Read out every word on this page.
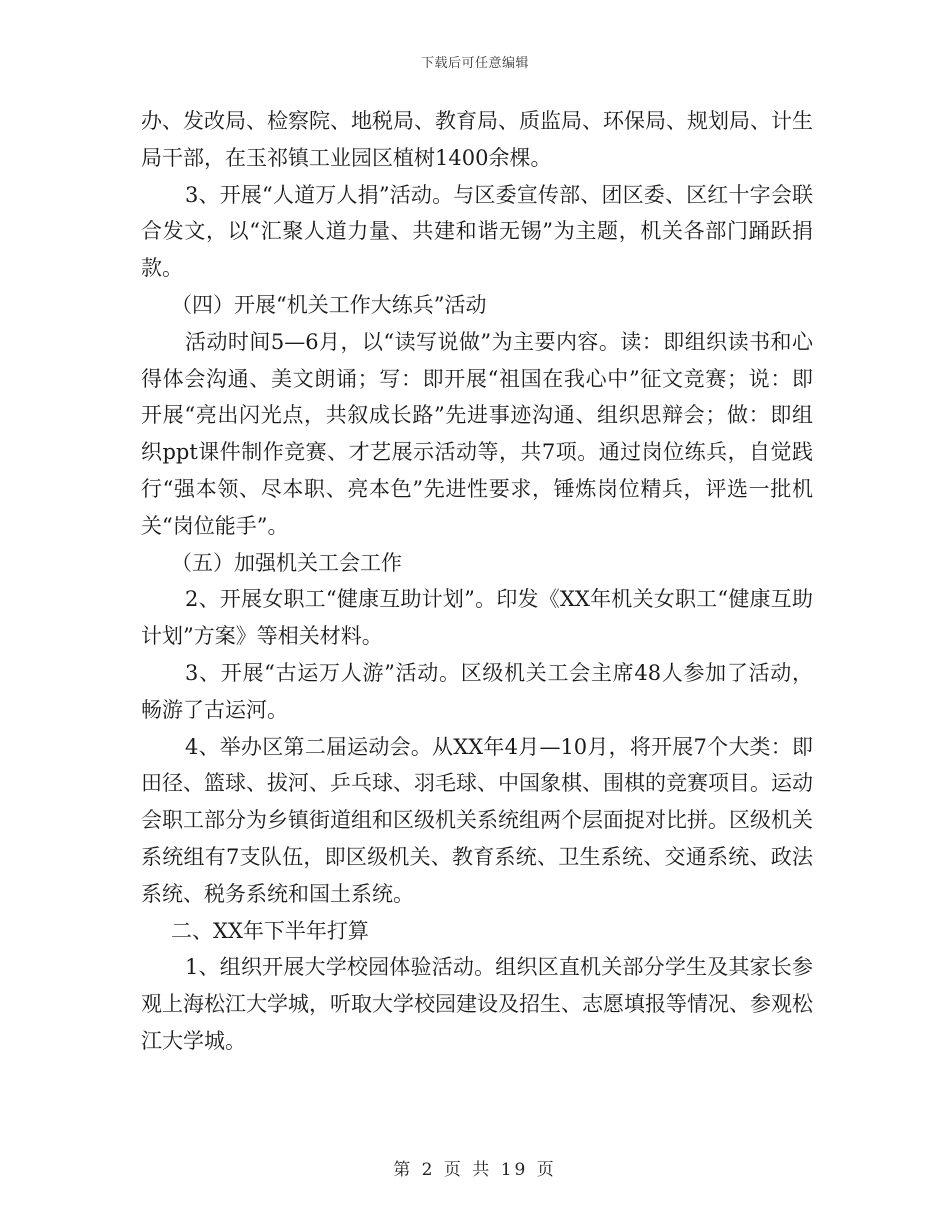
下载后可任意编辑

办、发改局、检察院、地税局、教育局、质监局、环保局、规划局、计生局干部，在玉祁镇工业园区植树1400余棵。

3、开展“人道万人捐”活动。与区委宣传部、团区委、区红十字会联合发文，以“汇聚人道力量、共建和谐无锡”为主题，机关各部门踊跃捐款。

（四）开展“机关工作大练兵”活动

活动时间5—6月，以“读写说做”为主要内容。读：即组织读书和心得体会沟通、美文朗诵；写：即开展“祖国在我心中”征文竞赛；说：即开展“亮出闪光点，共叙成长路”先进事迹沟通、组织思辩会；做：即组织ppt课件制作竞赛、才艺展示活动等，共7项。通过岗位练兵，自觉践行“强本领、尽本职、亮本色”先进性要求，锤炼岗位精兵，评选一批机关“岗位能手”。

（五）加强机关工会工作

2、开展女职工“健康互助计划”。印发《XX年机关女职工“健康互助计划”方案》等相关材料。

3、开展“古运万人游”活动。区级机关工会主席48人参加了活动，畅游了古运河。

4、举办区第二届运动会。从XX年4月—10月，将开展7个大类：即田径、篮球、拔河、乒乓球、羽毛球、中国象棋、围棋的竞赛项目。运动会职工部分为乡镇街道组和区级机关系统组两个层面捉对比拼。区级机关系统组有7支队伍，即区级机关、教育系统、卫生系统、交通系统、政法系统、税务系统和国土系统。

二、XX年下半年打算

1、组织开展大学校园体验活动。组织区直机关部分学生及其家长参观上海松江大学城，听取大学校园建设及招生、志愿填报等情况、参观松江大学城。

第 2 页 共 19 页
